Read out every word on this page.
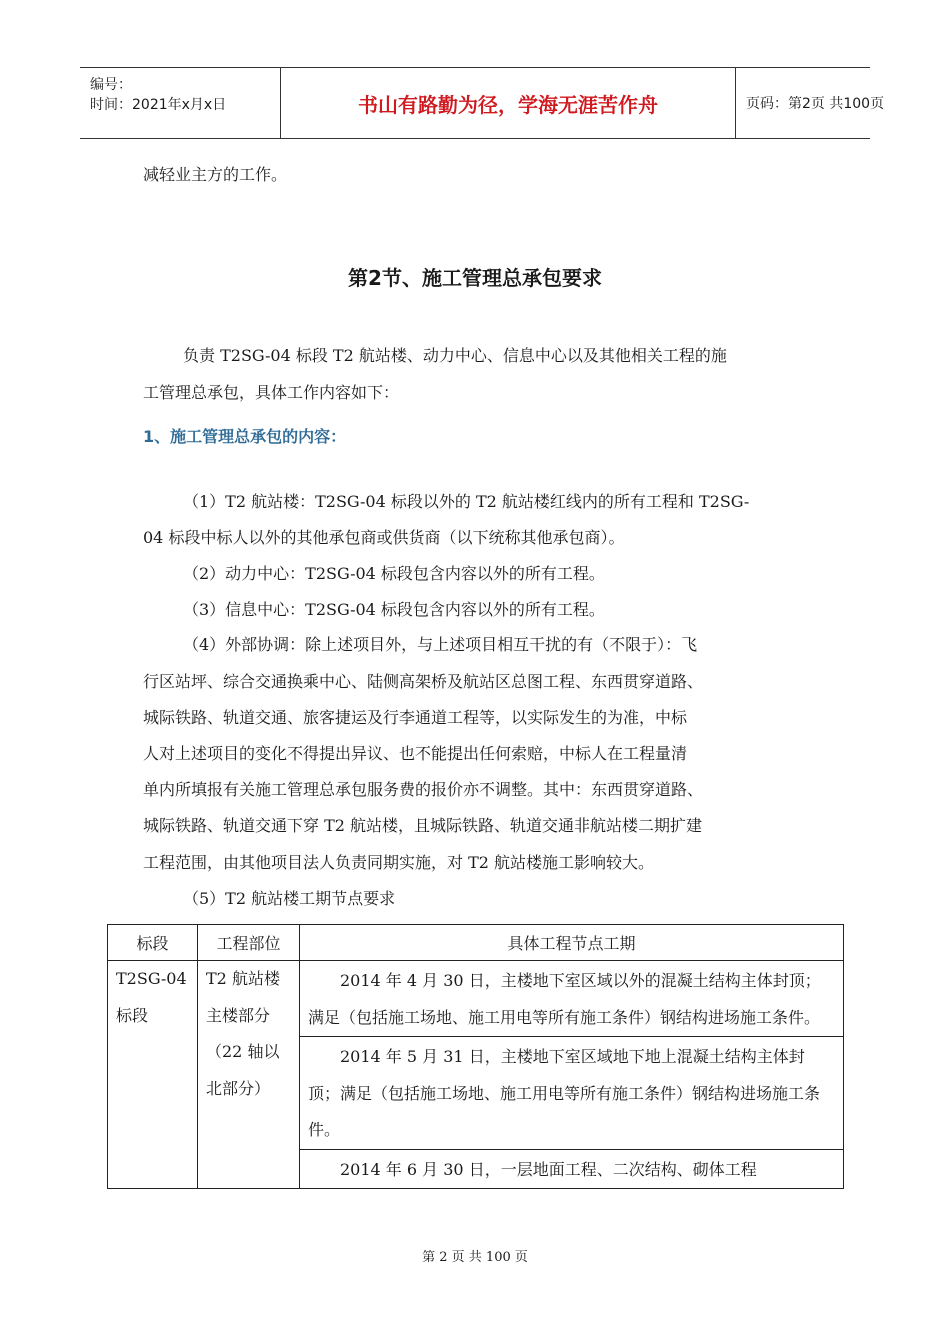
编号：
时间：2021年x月x日	书山有路勤为径，学海无涯苦作舟	页码：第2页 共100页
减轻业主方的工作。
第2节、施工管理总承包要求
负责 T2SG-04 标段 T2 航站楼、动力中心、信息中心以及其他相关工程的施
工管理总承包，具体工作内容如下：
1、施工管理总承包的内容：
（1）T2 航站楼：T2SG-04 标段以外的 T2 航站楼红线内的所有工程和 T2SG-
04 标段中标人以外的其他承包商或供货商（以下统称其他承包商）。
（2）动力中心：T2SG-04 标段包含内容以外的所有工程。
（3）信息中心：T2SG-04 标段包含内容以外的所有工程。
（4）外部协调：除上述项目外，与上述项目相互干扰的有（不限于）：飞
行区站坪、综合交通换乘中心、陆侧高架桥及航站区总图工程、东西贯穿道路、
城际铁路、轨道交通、旅客捷运及行李通道工程等，以实际发生的为准，中标
人对上述项目的变化不得提出异议、也不能提出任何索赔，中标人在工程量清
单内所填报有关施工管理总承包服务费的报价亦不调整。其中：东西贯穿道路、
城际铁路、轨道交通下穿 T2 航站楼，且城际铁路、轨道交通非航站楼二期扩建
工程范围，由其他项目法人负责同期实施，对 T2 航站楼施工影响较大。
（5）T2 航站楼工期节点要求
标段	工程部位	具体工程节点工期
T2SG-04 标段	T2 航站楼主楼部分（22 轴以北部分）	2014 年 4 月 30 日，主楼地下室区域以外的混凝土结构主体封顶；满足（包括施工场地、施工用电等所有施工条件）钢结构进场施工条件。
2014 年 5 月 31 日，主楼地下室区域地下地上混凝土结构主体封顶；满足（包括施工场地、施工用电等所有施工条件）钢结构进场施工条件。
2014 年 6 月 30 日，一层地面工程、二次结构、砌体工程
第 2 页 共 100 页
